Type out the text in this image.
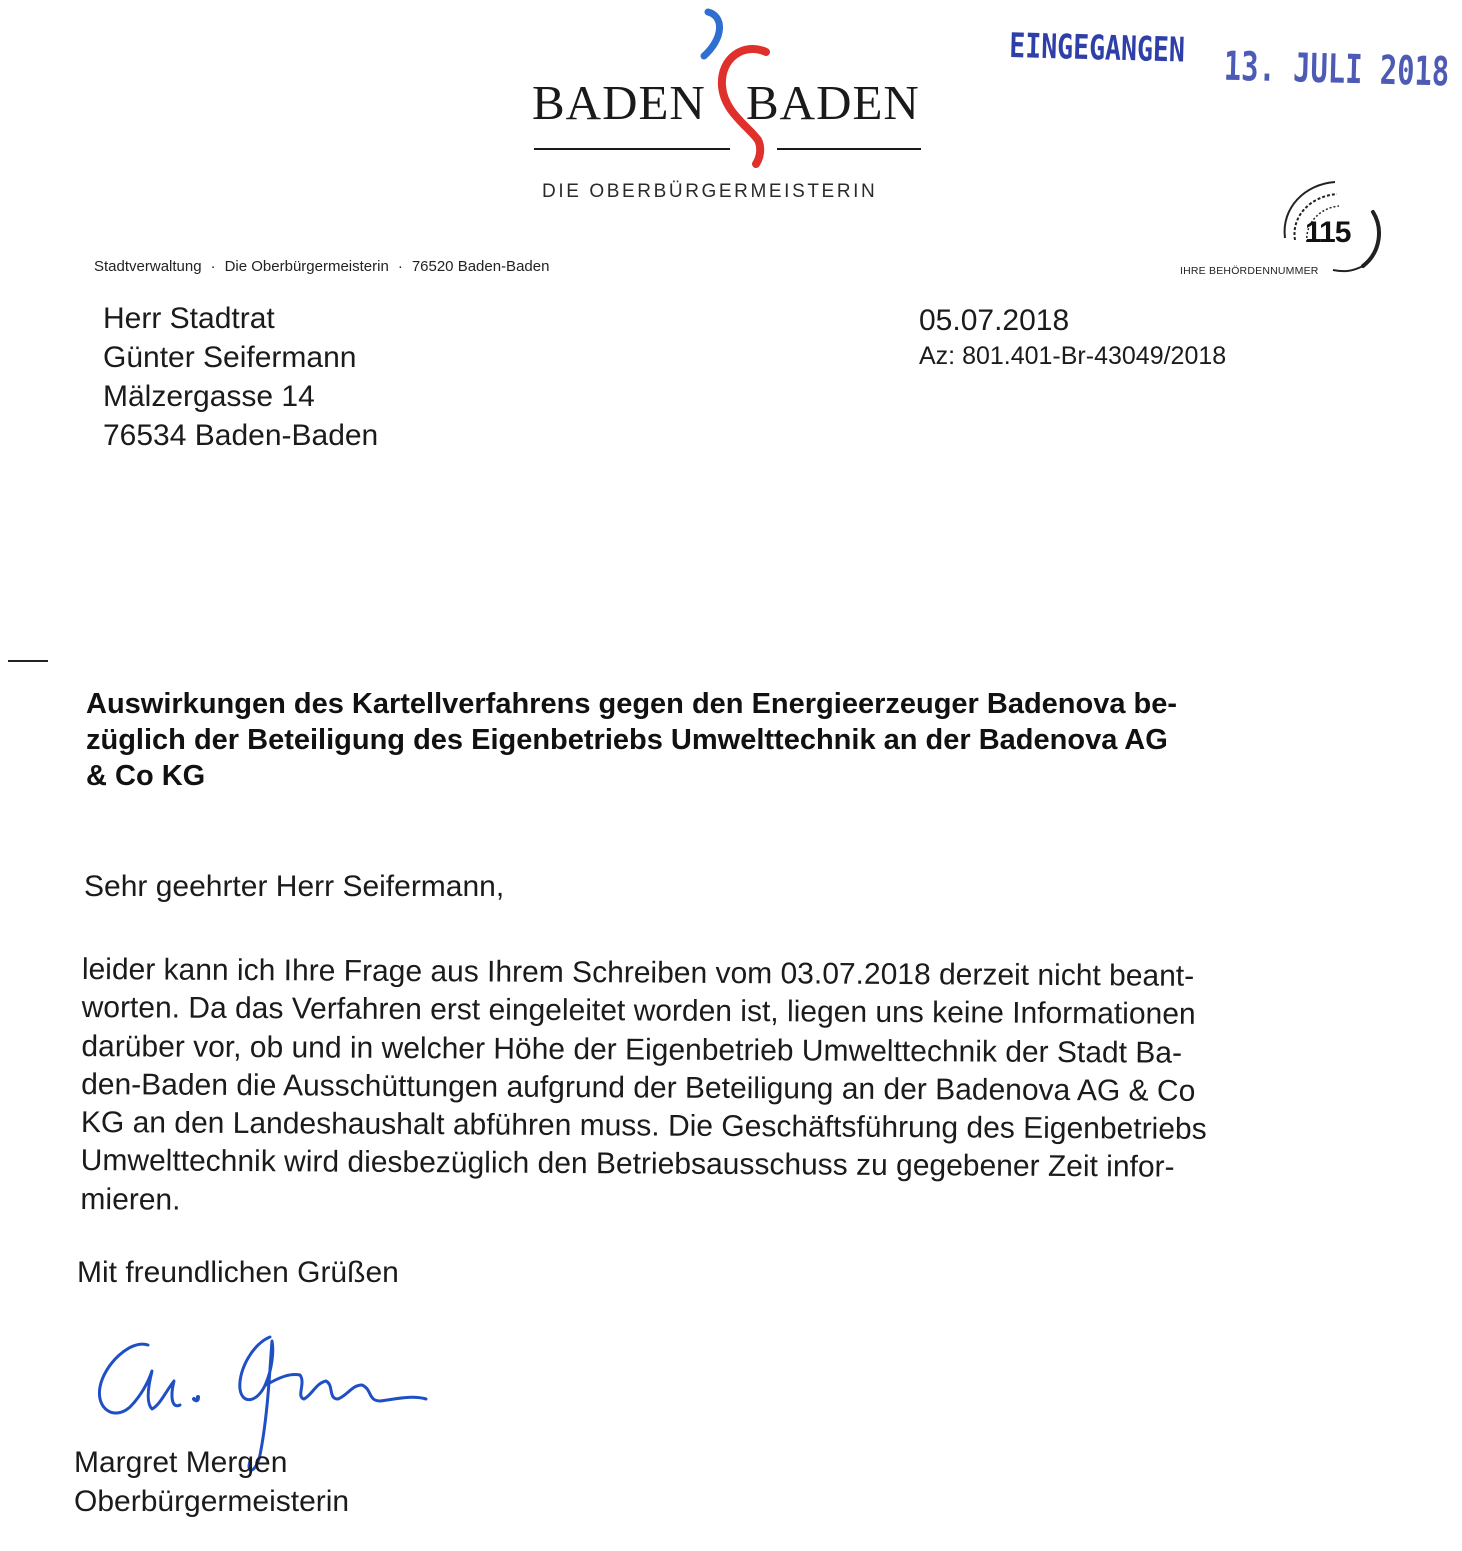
BADEN BADEN
DIE OBERBÜRGERMEISTERIN
EINGEGANGEN 13. JULI 2018
115
IHRE BEHÖRDENNUMMER
Stadtverwaltung · Die Oberbürgermeisterin · 76520 Baden-Baden
Herr Stadtrat
Günter Seifermann
Mälzergasse 14
76534 Baden-Baden
05.07.2018
Az: 801.401-Br-43049/2018
Auswirkungen des Kartellverfahrens gegen den Energieerzeuger Badenova be-
züglich der Beteiligung des Eigenbetriebs Umwelttechnik an der Badenova AG
& Co KG
Sehr geehrter Herr Seifermann,
leider kann ich Ihre Frage aus Ihrem Schreiben vom 03.07.2018 derzeit nicht beant-
worten. Da das Verfahren erst eingeleitet worden ist, liegen uns keine Informationen
darüber vor, ob und in welcher Höhe der Eigenbetrieb Umwelttechnik der Stadt Ba-
den-Baden die Ausschüttungen aufgrund der Beteiligung an der Badenova AG & Co
KG an den Landeshaushalt abführen muss. Die Geschäftsführung des Eigenbetriebs
Umwelttechnik wird diesbezüglich den Betriebsausschuss zu gegebener Zeit infor-
mieren.
Mit freundlichen Grüßen
Margret Mergen
Oberbürgermeisterin
